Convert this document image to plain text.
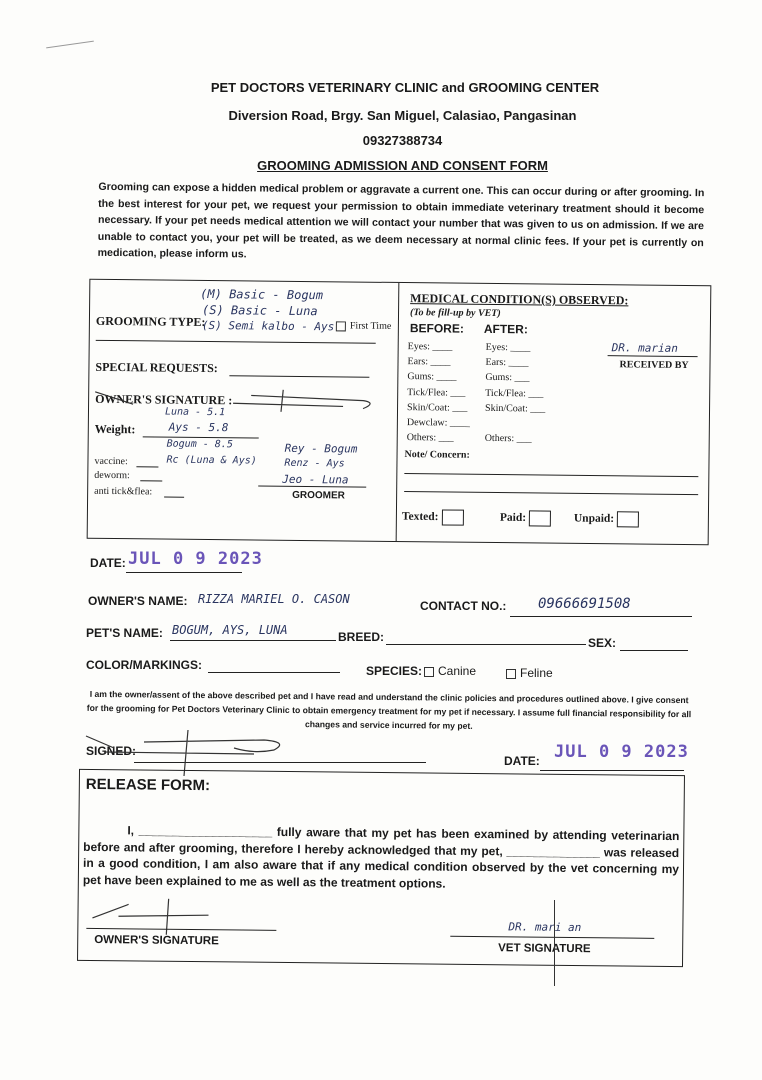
PET DOCTORS VETERINARY CLINIC and GROOMING CENTER
Diversion Road, Brgy. San Miguel, Calasiao, Pangasinan
09327388734
GROOMING ADMISSION AND CONSENT FORM
Grooming can expose a hidden medical problem or aggravate a current one. This can occur during or after grooming. In the best interest for your pet, we request your permission to obtain immediate veterinary treatment should it become necessary. If your pet needs medical attention we will contact your number that was given to us on admission. If we are unable to contact you, your pet will be treated, as we deem necessary at normal clinic fees. If your pet is currently on medication, please inform us.
GROOMING TYPE:
(M) Basic - Bogum
(S) Basic - Luna
(S) Semi kalbo - Ays	First Time
SPECIAL REQUESTS:
OWNER'S SIGNATURE :
Weight:
Luna - 5.1
Ays - 5.8
Bogum - 8.5
vaccine:	Rc (Luna & Ays)
deworm:
anti tick&flea:
Rey - Bogum
Renz - Ays
Jeo - Luna
GROOMER
MEDICAL CONDITION(S) OBSERVED:
(To be fill-up by VET)
BEFORE: AFTER:
Eyes: ____
Ears: ____
Gums: ____
Tick/Flea: ___
Skin/Coat: ___
Dewclaw: ____
Others: ___
Eyes: ____
Ears: ____
Gums: ___
Tick/Flea: ___
Skin/Coat: ___

Others: ___
DR. marian
RECEIVED BY
Note/ Concern:
Texted:	Paid:	Unpaid:
DATE: JUL 0 9 2023
OWNER'S NAME: RIZZA MARIEL O. CASON	CONTACT NO.: 09666691508
PET'S NAME: BOGUM, AYS, LUNA	BREED:	SEX:
COLOR/MARKINGS:	SPECIES:	Canine	Feline
I am the owner/assent of the above described pet and I have read and understand the clinic policies and procedures outlined above. I give consent for the grooming for Pet Doctors Veterinary Clinic to obtain emergency treatment for my pet if necessary. I assume full financial responsibility for all changes and service incurred for my pet.
SIGNED:
DATE: JUL 0 9 2023
RELEASE FORM:
I, ____________________ fully aware that my pet has been examined by attending veterinarian before and after grooming, therefore I hereby acknowledged that my pet, ______________ was released in a good condition, I am also aware that if any medical condition observed by the vet concerning my pet have been explained to me as well as the treatment options.
OWNER'S SIGNATURE
DR. mari an
VET SIGNATURE
